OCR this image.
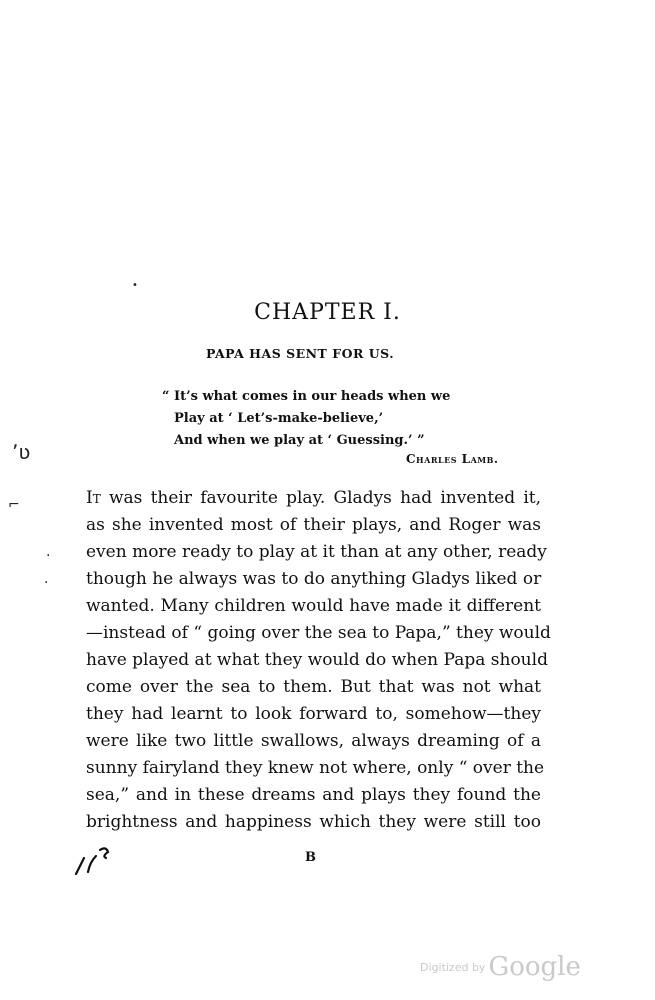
CHAPTER I.
PAPA HAS SENT FOR US.
“ It’s what comes in our heads when we
Play at ‘ Let’s-make-believe,’
And when we play at ‘ Guessing.’ ”
Charles Lamb.
It was their favourite play. Gladys had invented it,
as she invented most of their plays, and Roger was
even more ready to play at it than at any other, ready
though he always was to do anything Gladys liked or
wanted. Many children would have made it different
—instead of “ going over the sea to Papa,” they would
have played at what they would do when Papa should
come over the sea to them. But that was not what
they had learnt to look forward to, somehow—they
were like two little swallows, always dreaming of a
sunny fairyland they knew not where, only “ over the
sea,” and in these dreams and plays they found the
brightness and happiness which they were still too
B
ʼʋ
⌐
·
·
•
$^{Digitized by}$ Google
